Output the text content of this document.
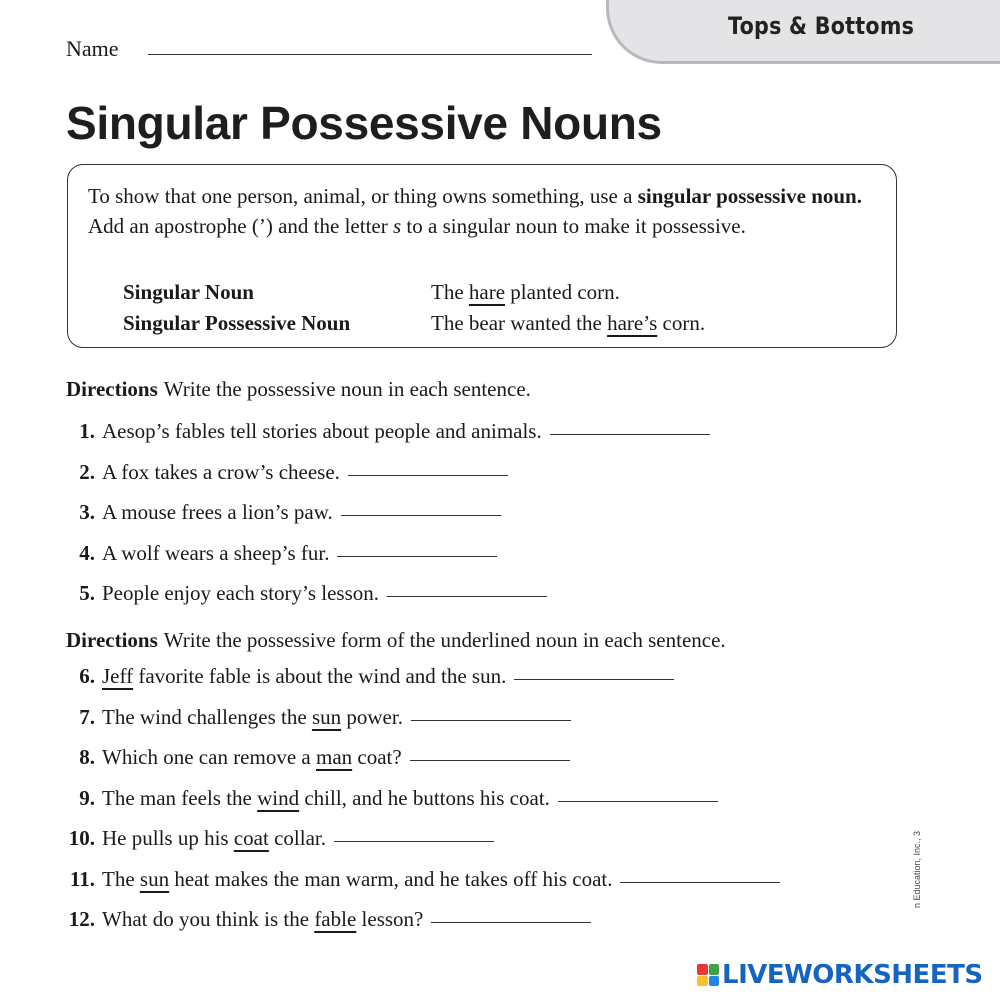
Tops & Bottoms
Name
Singular Possessive Nouns

To show that one person, animal, or thing owns something, use a singular possessive noun. Add an apostrophe (’) and the letter s to a singular noun to make it possessive.

Singular Noun	The hare planted corn.
Singular Possessive Noun	The bear wanted the hare’s corn.
Directions Write the possessive noun in each sentence.
1. Aesop’s fables tell stories about people and animals.
2. A fox takes a crow’s cheese.
3. A mouse frees a lion’s paw.
4. A wolf wears a sheep’s fur.
5. People enjoy each story’s lesson.
Directions Write the possessive form of the underlined noun in each sentence.
6. Jeff favorite fable is about the wind and the sun.
7. The wind challenges the sun power.
8. Which one can remove a man coat?
9. The man feels the wind chill, and he buttons his coat.
10. He pulls up his coat collar.
11. The sun heat makes the man warm, and he takes off his coat.
12. What do you think is the fable lesson?
n Education, Inc., 3
LIVEWORKSHEETS
